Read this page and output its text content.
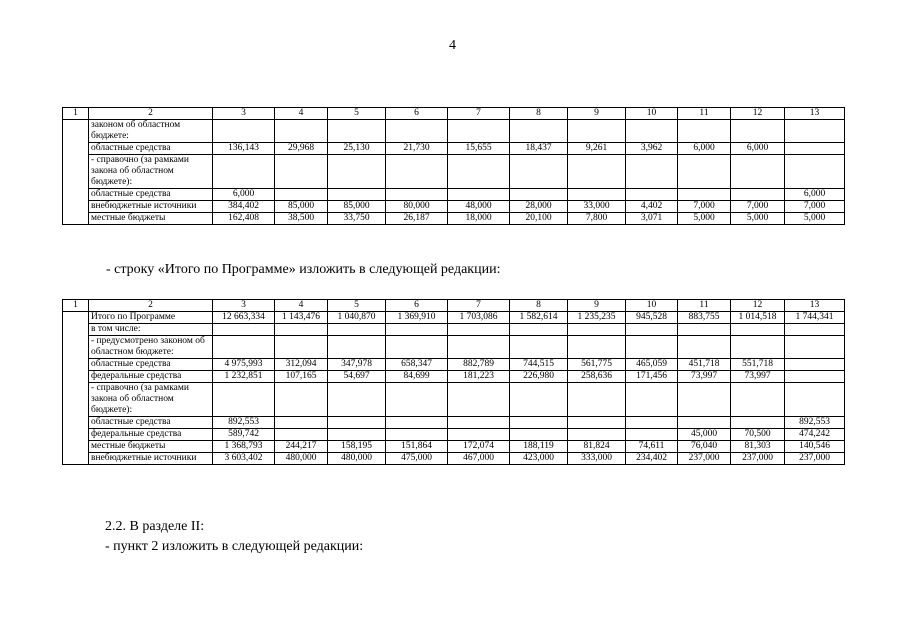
4
1	2	3	4	5	6	7	8	9	10	11	12	13
	законом об областном бюджете:											
	областные средства	136,143	29,968	25,130	21,730	15,655	18,437	9,261	3,962	6,000	6,000	
	- справочно (за рамками закона об областном бюджете):											
	областные средства	6,000										6,000
	внебюджетные источники	384,402	85,000	85,000	80,000	48,000	28,000	33,000	4,402	7,000	7,000	7,000
	местные бюджеты	162,408	38,500	33,750	26,187	18,000	20,100	7,800	3,071	5,000	5,000	5,000
- строку «Итого по Программе» изложить в следующей редакции:
1	2	3	4	5	6	7	8	9	10	11	12	13
	Итого по Программе	12 663,334	1 143,476	1 040,870	1 369,910	1 703,086	1 582,614	1 235,235	945,528	883,755	1 014,518	1 744,341
	в том числе:											
	- предусмотрено законом об областном бюджете:											
	областные средства	4 975,993	312,094	347,978	658,347	882,789	744,515	561,775	465,059	451,718	551,718	
	федеральные средства	1 232,851	107,165	54,697	84,699	181,223	226,980	258,636	171,456	73,997	73,997	
	- справочно (за рамками закона об областном бюджете):											
	областные средства	892,553										892,553
	федеральные средства	589,742								45,000	70,500	474,242
	местные бюджеты	1 368,793	244,217	158,195	151,864	172,074	188,119	81,824	74,611	76,040	81,303	140,546
	внебюджетные источники	3 603,402	480,000	480,000	475,000	467,000	423,000	333,000	234,402	237,000	237,000	237,000
2.2. В разделе II:
- пункт 2 изложить в следующей редакции:
